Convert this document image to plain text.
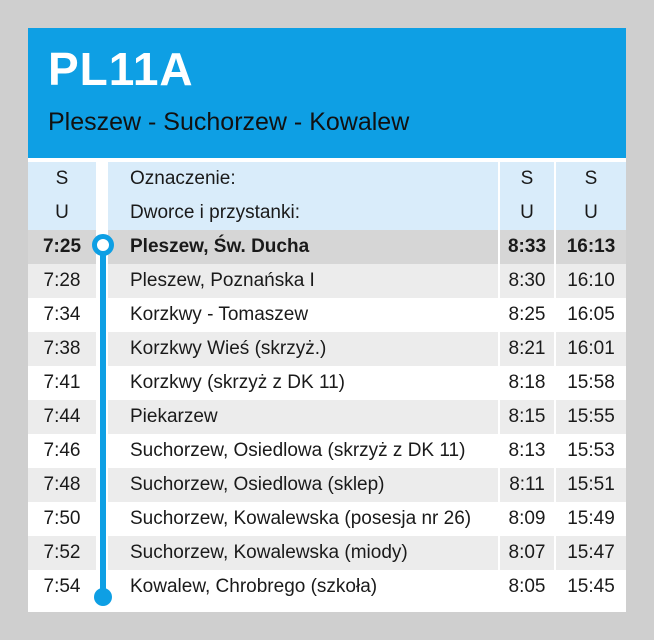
PL11A
Pleszew - Suchorzew - Kowalew
S	Oznaczenie:	S	S
U	Dworce i przystanki:	U	U
7:25	Pleszew, Św. Ducha	8:33	16:13
7:28	Pleszew, Poznańska I	8:30	16:10
7:34	Korzkwy - Tomaszew	8:25	16:05
7:38	Korzkwy Wieś (skrzyż.)	8:21	16:01
7:41	Korzkwy (skrzyż z DK 11)	8:18	15:58
7:44	Piekarzew	8:15	15:55
7:46	Suchorzew, Osiedlowa (skrzyż z DK 11)	8:13	15:53
7:48	Suchorzew, Osiedlowa (sklep)	8:11	15:51
7:50	Suchorzew, Kowalewska (posesja nr 26)	8:09	15:49
7:52	Suchorzew, Kowalewska (miody)	8:07	15:47
7:54	Kowalew, Chrobrego (szkoła)	8:05	15:45
